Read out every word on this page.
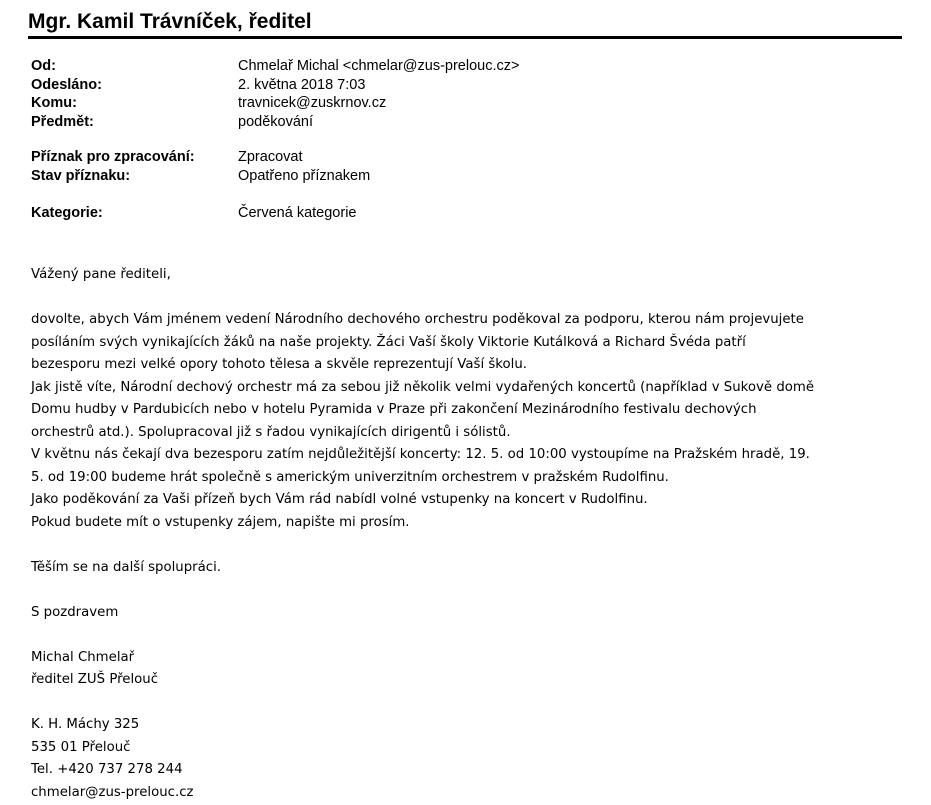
Mgr. Kamil Trávníček, ředitel
Od:	Chmelař Michal <chmelar@zus-prelouc.cz>
Odesláno:	2. května 2018 7:03
Komu:	travnicek@zuskrnov.cz
Předmět:	poděkování
Příznak pro zpracování:	Zpracovat
Stav příznaku:	Opatřeno příznakem
Kategorie:	Červená kategorie
Vážený pane řediteli,
dovolte, abych Vám jménem vedení Národního dechového orchestru poděkoval za podporu, kterou nám projevujete
posíláním svých vynikajících žáků na naše projekty. Žáci Vaší školy Viktorie Kutálková a Richard Švéda patří
bezesporu mezi velké opory tohoto tělesa a skvěle reprezentují Vaší školu.
Jak jistě víte, Národní dechový orchestr má za sebou již několik velmi vydařených koncertů (například v Sukově domě
Domu hudby v Pardubicích nebo v hotelu Pyramida v Praze při zakončení Mezinárodního festivalu dechových
orchestrů atd.). Spolupracoval již s řadou vynikajících dirigentů i sólistů.
V květnu nás čekají dva bezesporu zatím nejdůležitější koncerty: 12. 5. od 10:00 vystoupíme na Pražském hradě, 19.
5. od 19:00 budeme hrát společně s americkým univerzitním orchestrem v pražském Rudolfinu.
Jako poděkování za Vaši přízeň bych Vám rád nabídl volné vstupenky na koncert v Rudolfinu.
Pokud budete mít o vstupenky zájem, napište mi prosím.
Těším se na další spolupráci.
S pozdravem
Michal Chmelař
ředitel ZUŠ Přelouč
K. H. Máchy 325
535 01 Přelouč
Tel. +420 737 278 244
chmelar@zus-prelouc.cz
